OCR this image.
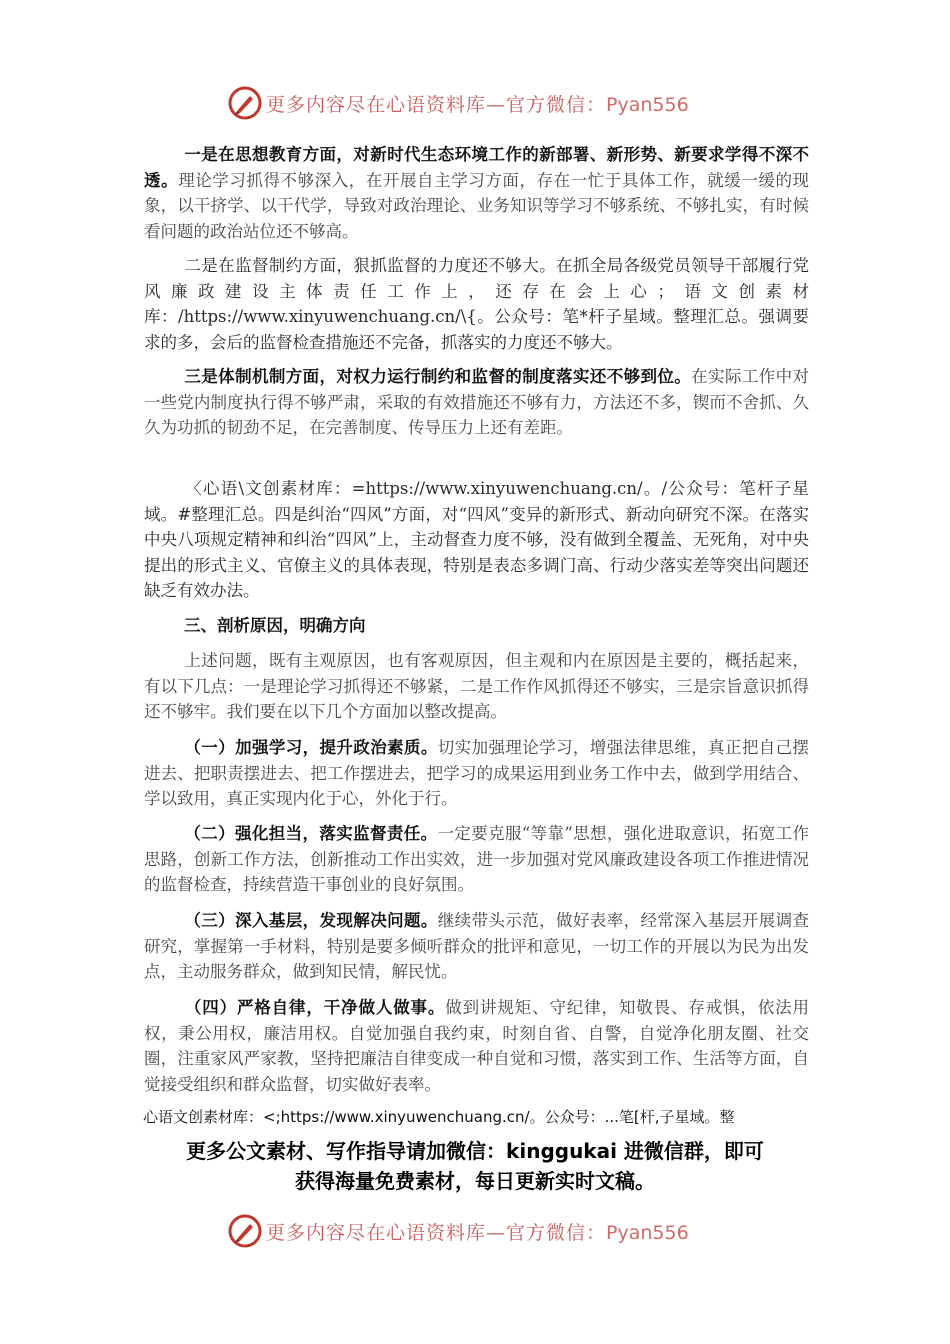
更多内容尽在心语资料库—官方微信：Pyan556
一是在思想教育方面，对新时代生态环境工作的新部署、新形势、新要求学得不深不透。理论学习抓得不够深入，在开展自主学习方面，存在一忙于具体工作，就缓一缓的现象，以干挤学、以干代学，导致对政治理论、业务知识等学习不够系统、不够扎实，有时候看问题的政治站位还不够高。
二是在监督制约方面，狠抓监督的力度还不够大。在抓全局各级党员领导干部履行党风廉政建设主体责任工作上，还存在会上心；语文创素材库：/https://www.xinyuwenchuang.cn/\{。公众号：笔*杆子星域。整理汇总。强调要求的多，会后的监督检查措施还不完备，抓落实的力度还不够大。
三是体制机制方面，对权力运行制约和监督的制度落实还不够到位。在实际工作中对一些党内制度执行得不够严肃，采取的有效措施还不够有力，方法还不多，锲而不舍抓、久久为功抓的韧劲不足，在完善制度、传导压力上还有差距。
〈心语\文创素材库：=https://www.xinyuwenchuang.cn/。/公众号：笔杆子星域。#整理汇总。四是纠治“四风”方面，对“四风”变异的新形式、新动向研究不深。在落实中央八项规定精神和纠治“四风”上，主动督查力度不够，没有做到全覆盖、无死角，对中央提出的形式主义、官僚主义的具体表现，特别是表态多调门高、行动少落实差等突出问题还缺乏有效办法。
三、剖析原因，明确方向
上述问题，既有主观原因，也有客观原因，但主观和内在原因是主要的，概括起来，有以下几点：一是理论学习抓得还不够紧，二是工作作风抓得还不够实，三是宗旨意识抓得还不够牢。我们要在以下几个方面加以整改提高。
（一）加强学习，提升政治素质。切实加强理论学习，增强法律思维，真正把自己摆进去、把职责摆进去、把工作摆进去，把学习的成果运用到业务工作中去，做到学用结合、学以致用，真正实现内化于心，外化于行。
（二）强化担当，落实监督责任。一定要克服“等靠”思想，强化进取意识，拓宽工作思路，创新工作方法，创新推动工作出实效，进一步加强对党风廉政建设各项工作推进情况的监督检查，持续营造干事创业的良好氛围。
（三）深入基层，发现解决问题。继续带头示范，做好表率，经常深入基层开展调查研究，掌握第一手材料，特别是要多倾听群众的批评和意见，一切工作的开展以为民为出发点，主动服务群众，做到知民情，解民忧。
（四）严格自律，干净做人做事。做到讲规矩、守纪律，知敬畏、存戒惧，依法用权，秉公用权，廉洁用权。自觉加强自我约束，时刻自省、自警，自觉净化朋友圈、社交圈，注重家风严家教，坚持把廉洁自律变成一种自觉和习惯，落实到工作、生活等方面，自觉接受组织和群众监督，切实做好表率。
心语文创素材库：<;https://www.xinyuwenchuang.cn/。公众号：...笔[杆,子星域。整
更多公文素材、写作指导请加微信：kinggukai 进微信群，即可
获得海量免费素材，每日更新实时文稿。
更多内容尽在心语资料库—官方微信：Pyan556
